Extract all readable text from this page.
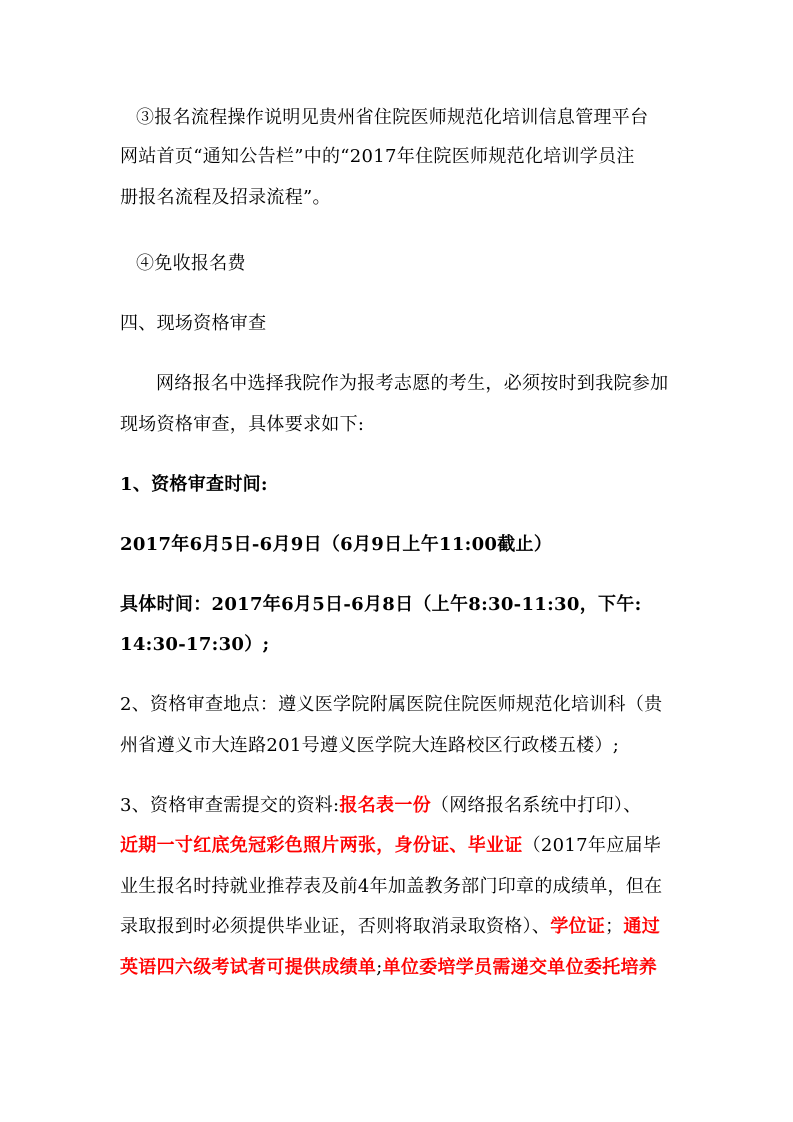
③报名流程操作说明见贵州省住院医师规范化培训信息管理平台
网站首页“通知公告栏”中的“2017年住院医师规范化培训学员注
册报名流程及招录流程”。
④免收报名费
四、现场资格审查
网络报名中选择我院作为报考志愿的考生，必须按时到我院参加
现场资格审查，具体要求如下:
1、资格审查时间:
2017年6月5日-6月9日（6月9日上午11:00截止）
具体时间：2017年6月5日-6月8日（上午8:30-11:30，下午:
14:30-17:30）;
2、资格审查地点：遵义医学院附属医院住院医师规范化培训科（贵
州省遵义市大连路201号遵义医学院大连路校区行政楼五楼）;
3、资格审查需提交的资料:报名表一份（网络报名系统中打印）、
近期一寸红底免冠彩色照片两张，身份证、毕业证（2017年应届毕
业生报名时持就业推荐表及前4年加盖教务部门印章的成绩单，但在
录取报到时必须提供毕业证，否则将取消录取资格）、学位证；通过
英语四六级考试者可提供成绩单;单位委培学员需递交单位委托培养
